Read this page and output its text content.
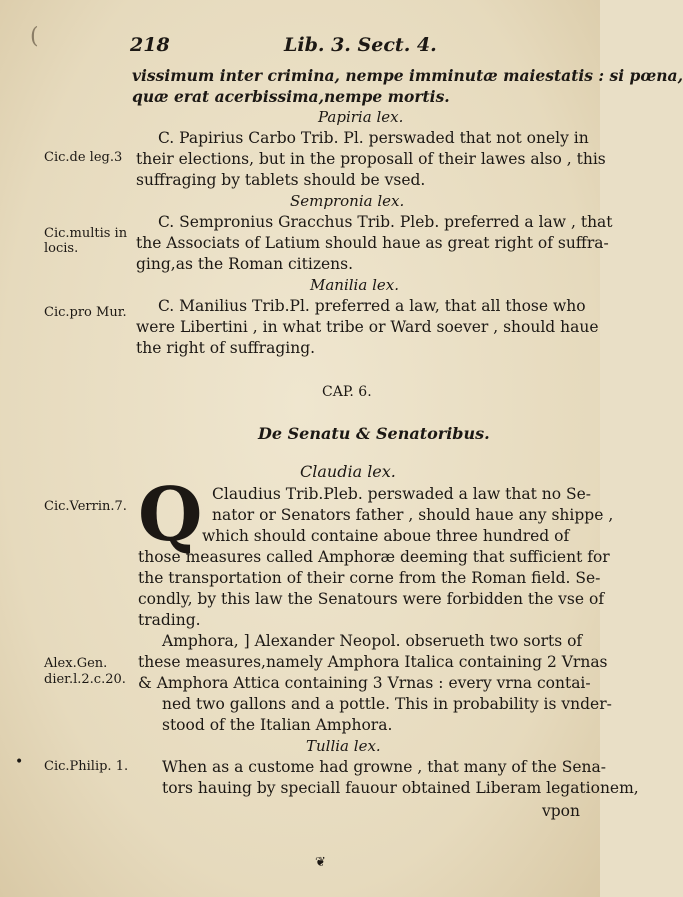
(	218	Lib. 3. Sect. 4.
vissimum inter crimina, nempe imminutæ maiestatis : si pœna,
quæ erat acerbissima,nempe mortis.
Papiria lex.
C. Papirius Carbo Trib. Pl. perswaded that not onely in
their elections, but in the proposall of their lawes also , this
suffraging by tablets should be vsed.
Sempronia lex.
C. Sempronius Gracchus Trib. Pleb. preferred a law , that
the Associats of Latium should haue as great right of suffra-
ging,as the Roman citizens.
Manilia lex.
C. Manilius Trib.Pl. preferred a law, that all those who
were Libertini , in what tribe or Ward soever , should haue
the right of suffraging.
CAP. 6.
De Senatu & Senatoribus.
Claudia lex.
Q Claudius Trib.Pleb. perswaded a law that no Se-
nator or Senators father , should haue any shippe ,
which should containe aboue three hundred of
those measures called Amphoræ deeming that sufficient for
the transportation of their corne from the Roman field. Se-
condly, by this law the Senatours were forbidden the vse of
trading.
Amphora, ] Alexander Neopol. obserueth two sorts of
these measures,namely Amphora Italica containing 2 Vrnas
& Amphora Attica containing 3 Vrnas : every vrna contai-
ned two gallons and a pottle. This in probability is vnder-
stood of the Italian Amphora.
Tullia lex.
When as a custome had growne , that many of the Sena-
tors hauing by speciall fauour obtained Liberam legationem,
vpon
Cic.de leg.3
Cic.multis in
locis.
Cic.pro Mur.
Cic.Verrin.7.
Alex.Gen.
dier.l.2.c.20.
Cic.Philip. 1.
•
❦
